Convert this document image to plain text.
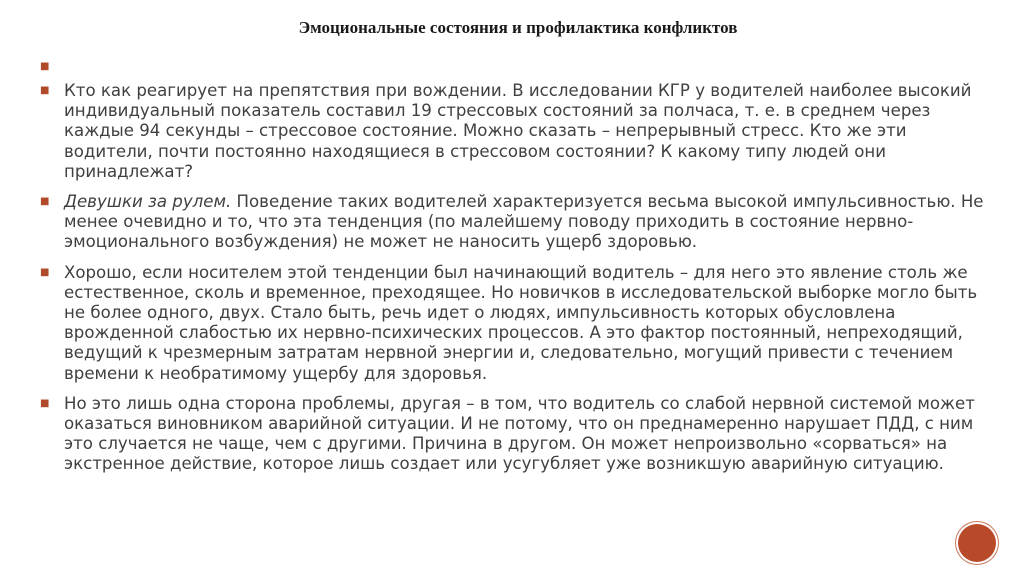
Эмоциональные состояния и профилактика конфликтов
■
■ Кто как реагирует на препятствия при вождении. В исследовании КГР у водителей наиболее высокий индивидуальный показатель составил 19 стрессовых состояний за полчаса, т. е. в среднем через каждые 94 секунды – стрессовое состояние. Можно сказать – непрерывный стресс. Кто же эти водители, почти постоянно находящиеся в стрессовом состоянии? К какому типу людей они принадлежат?
■ Девушки за рулем. Поведение таких водителей характеризуется весьма высокой импульсивностью. Не менее очевидно и то, что эта тенденция (по малейшему поводу приходить в состояние нервно-эмоционального возбуждения) не может не наносить ущерб здоровью.
■ Хорошо, если носителем этой тенденции был начинающий водитель – для него это явление столь же естественное, сколь и временное, преходящее. Но новичков в исследовательской выборке могло быть не более одного, двух. Стало быть, речь идет о людях, импульсивность которых обусловлена врожденной слабостью их нервно-психических процессов. А это фактор постоянный, непреходящий, ведущий к чрезмерным затратам нервной энергии и, следовательно, могущий привести с течением времени к необратимому ущербу для здоровья.
■ Но это лишь одна сторона проблемы, другая – в том, что водитель со слабой нервной системой может оказаться виновником аварийной ситуации. И не потому, что он преднамеренно нарушает ПДД, с ним это случается не чаще, чем с другими. Причина в другом. Он может непроизвольно «сорваться» на экстренное действие, которое лишь создает или усугубляет уже возникшую аварийную ситуацию.
